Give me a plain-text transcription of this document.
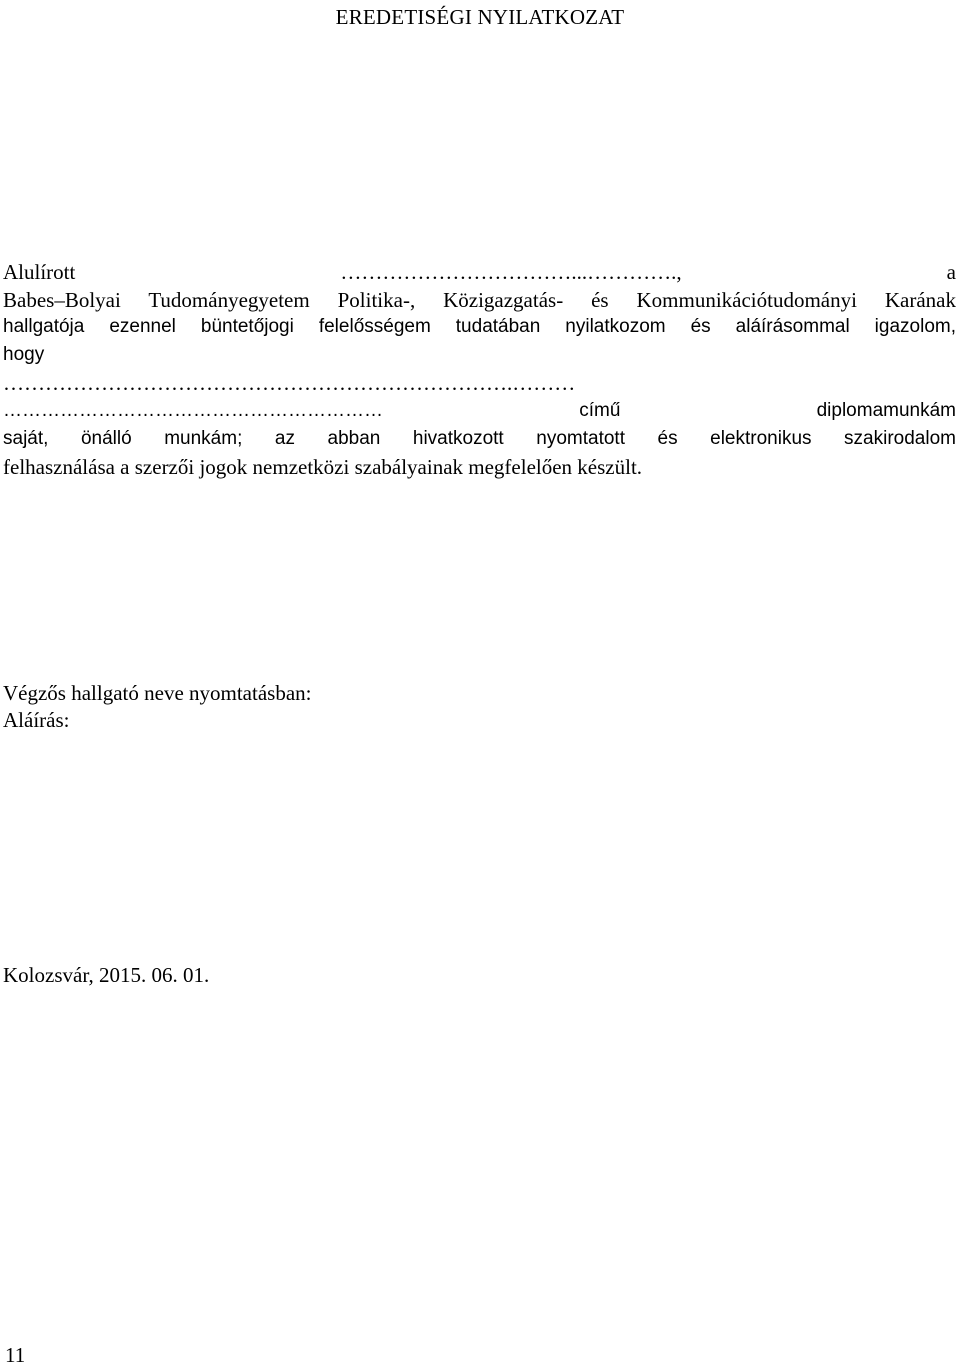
EREDETISÉGI NYILATKOZAT
Alulírott ……………………………...…………., a
Babes–Bolyai Tudományegyetem Politika-, Közigazgatás- és Kommunikációtudományi Karának
hallgatója ezennel büntetőjogi felelősségem tudatában nyilatkozom és aláírásommal igazolom,
hogy
……………………………………………………………….………
…………………………………………………… című diplomamunkám
saját, önálló munkám; az abban hivatkozott nyomtatott és elektronikus szakirodalom
felhasználása a szerzői jogok nemzetközi szabályainak megfelelően készült.
Végzős hallgató neve nyomtatásban:
Aláírás:
Kolozsvár, 2015. 06. 01.
11
